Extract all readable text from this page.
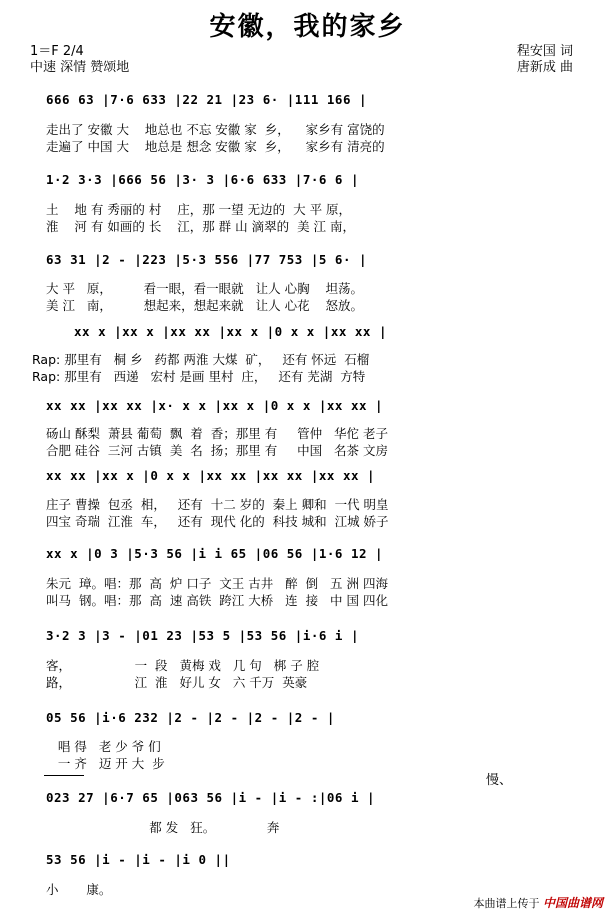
安徽，我的家乡
1＝F 2/4
中速 深情 赞颂地
程安国 词
唐新成 曲
666 63 |7·6 633 |22 21 |23 6· |111 166 |
走出了 安徽 大    地总也 不忘 安徽 家  乡，    家乡有 富饶的
走遍了 中国 大    地总是 想念 安徽 家  乡，    家乡有 清亮的
1·2 3·3 |666 56 |3· 3 |6·6 633 |7·6 6 |
土    地 有 秀丽的 村    庄，那 一望 无边的  大 平 原，
淮    河 有 如画的 长    江，那 群 山 滴翠的  美 江 南，
63 31 |2 - |223 |5·3 556 |77 753 |5 6· |
大 平   原，        看一眼，看一眼就   让人 心胸    坦荡。
美 江   南，        想起来，想起来就   让人 心花    怒放。
xx x |xx x |xx xx |xx x |0 x x |xx xx |
Rap: 那里有   桐 乡   药都 两淮 大煤  矿，   还有 怀远  石榴
Rap: 那里有   西递   宏村 是画 里村  庄，   还有 芜湖  方特
xx xx |xx xx |x· x x |xx x |0 x x |xx xx |
砀山 酥梨  萧县 葡萄  飘  着  香；那里 有     管仲   华佗 老子
合肥 硅谷  三河 古镇  美  名  扬；那里 有     中国   名茶 文房
xx xx |xx x |0 x x |xx xx |xx xx |xx xx |
庄子 曹操  包丞  相，   还有  十二 岁的  秦上 卿和  一代 明皇
四宝 奇瑞  江淮  车，   还有  现代 化的  科技 城和  江城 娇子
xx x |0 3 |5·3 56 |i i 65 |06 56 |1·6 12 |
朱元  璋。唱：那  高  炉 口子  文王 古井   醉  倒   五 洲 四海
叫马  钢。唱：那  高  速 高铁  跨江 大桥   连  接   中 国 四化
3·2 3 |3 - |01 23 |53 5 |53 56 |i·6 i |
客，                一  段   黄梅 戏   几 句   梆 子 腔
路，                江  淮   好儿 女   六 千万  英豪
05 56 |i·6 232 |2 - |2 - |2 - |2 - |
唱 得   老 少 爷 们
一 齐   迈 开 大  步
慢、
023 27 |6·7 65 |063 56 |i - |i - :|06 i |
都 发   狂。             奔
53 56 |i - |i - |i 0 ||
小       康。
本曲谱上传于 中国曲谱网
